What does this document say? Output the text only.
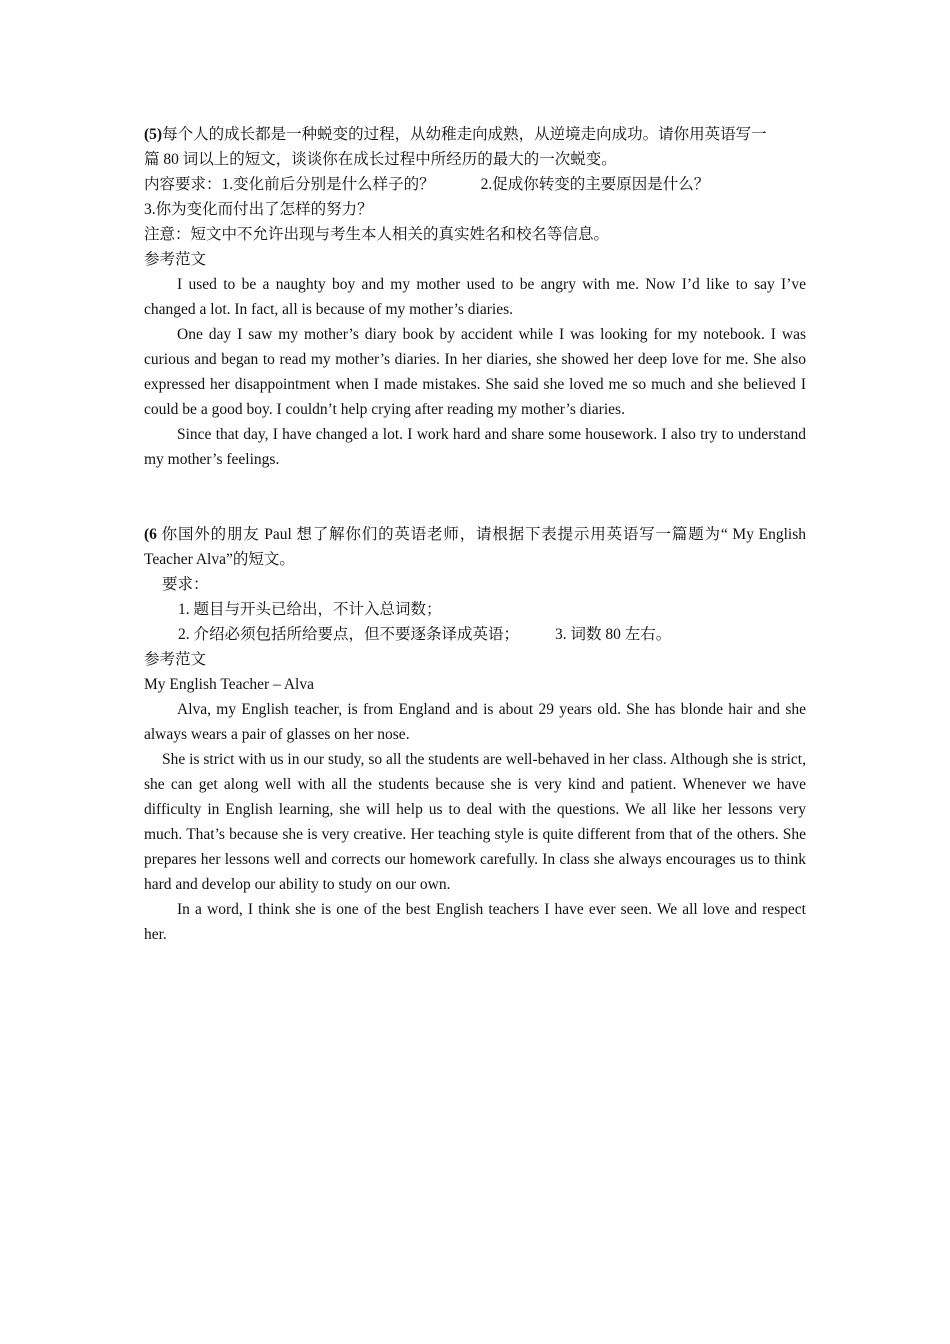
(5)每个人的成长都是一种蜕变的过程，从幼稚走向成熟，从逆境走向成功。请你用英语写一

篇 80 词以上的短文，谈谈你在成长过程中所经历的最大的一次蜕变。

内容要求：1.变化前后分别是什么样子的？	2.促成你转变的主要原因是什么？

3.你为变化而付出了怎样的努力？

注意：短文中不允许出现与考生本人相关的真实姓名和校名等信息。

参考范文

I used to be a naughty boy and my mother used to be angry with me. Now I’d like to say I’ve changed a lot. In fact, all is because of my mother’s diaries.

One day I saw my mother’s diary book by accident while I was looking for my notebook. I was curious and began to read my mother’s diaries. In her diaries, she showed her deep love for me. She also expressed her disappointment when I made mistakes. She said she loved me so much and she believed I could be a good boy. I couldn’t help crying after reading my mother’s diaries.

Since that day, I have changed a lot. I work hard and share some housework. I also try to understand my mother’s feelings.

(6 你国外的朋友 Paul 想了解你们的英语老师，请根据下表提示用英语写一篇题为“ My English Teacher Alva”的短文。

要求：

1. 题目与开头已给出，不计入总词数；

2. 介绍必须包括所给要点，但不要逐条译成英语； 3. 词数 80 左右。

参考范文

My English Teacher – Alva

Alva, my English teacher, is from England and is about 29 years old. She has blonde hair and she always wears a pair of glasses on her nose.

She is strict with us in our study, so all the students are well-behaved in her class. Although she is strict, she can get along well with all the students because she is very kind and patient. Whenever we have difficulty in English learning, she will help us to deal with the questions. We all like her lessons very much. That’s because she is very creative. Her teaching style is quite different from that of the others. She prepares her lessons well and corrects our homework carefully. In class she always encourages us to think hard and develop our ability to study on our own.

In a word, I think she is one of the best English teachers I have ever seen. We all love and respect her.
